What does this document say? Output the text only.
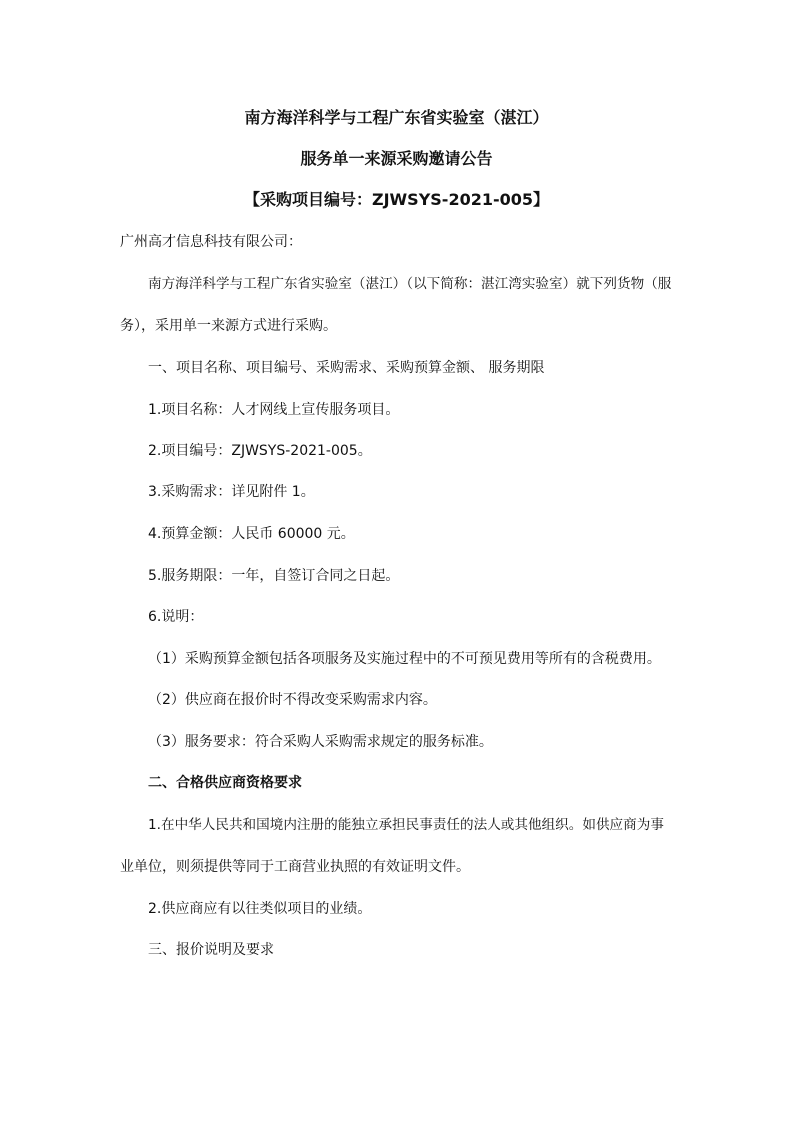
南方海洋科学与工程广东省实验室（湛江）
服务单一来源采购邀请公告
【采购项目编号：ZJWSYS-2021-005】
广州高才信息科技有限公司：
南方海洋科学与工程广东省实验室（湛江）（以下简称：湛江湾实验室）就下列货物（服
务），采用单一来源方式进行采购。
一、项目名称、项目编号、采购需求、采购预算金额、 服务期限
1.项目名称：人才网线上宣传服务项目。
2.项目编号：ZJWSYS-2021-005。
3.采购需求：详见附件 1。
4.预算金额：人民币 60000 元。
5.服务期限：一年，自签订合同之日起。
6.说明：
（1）采购预算金额包括各项服务及实施过程中的不可预见费用等所有的含税费用。
（2）供应商在报价时不得改变采购需求内容。
（3）服务要求：符合采购人采购需求规定的服务标准。
二、合格供应商资格要求
1.在中华人民共和国境内注册的能独立承担民事责任的法人或其他组织。如供应商为事
业单位，则须提供等同于工商营业执照的有效证明文件。
2.供应商应有以往类似项目的业绩。
三、报价说明及要求
